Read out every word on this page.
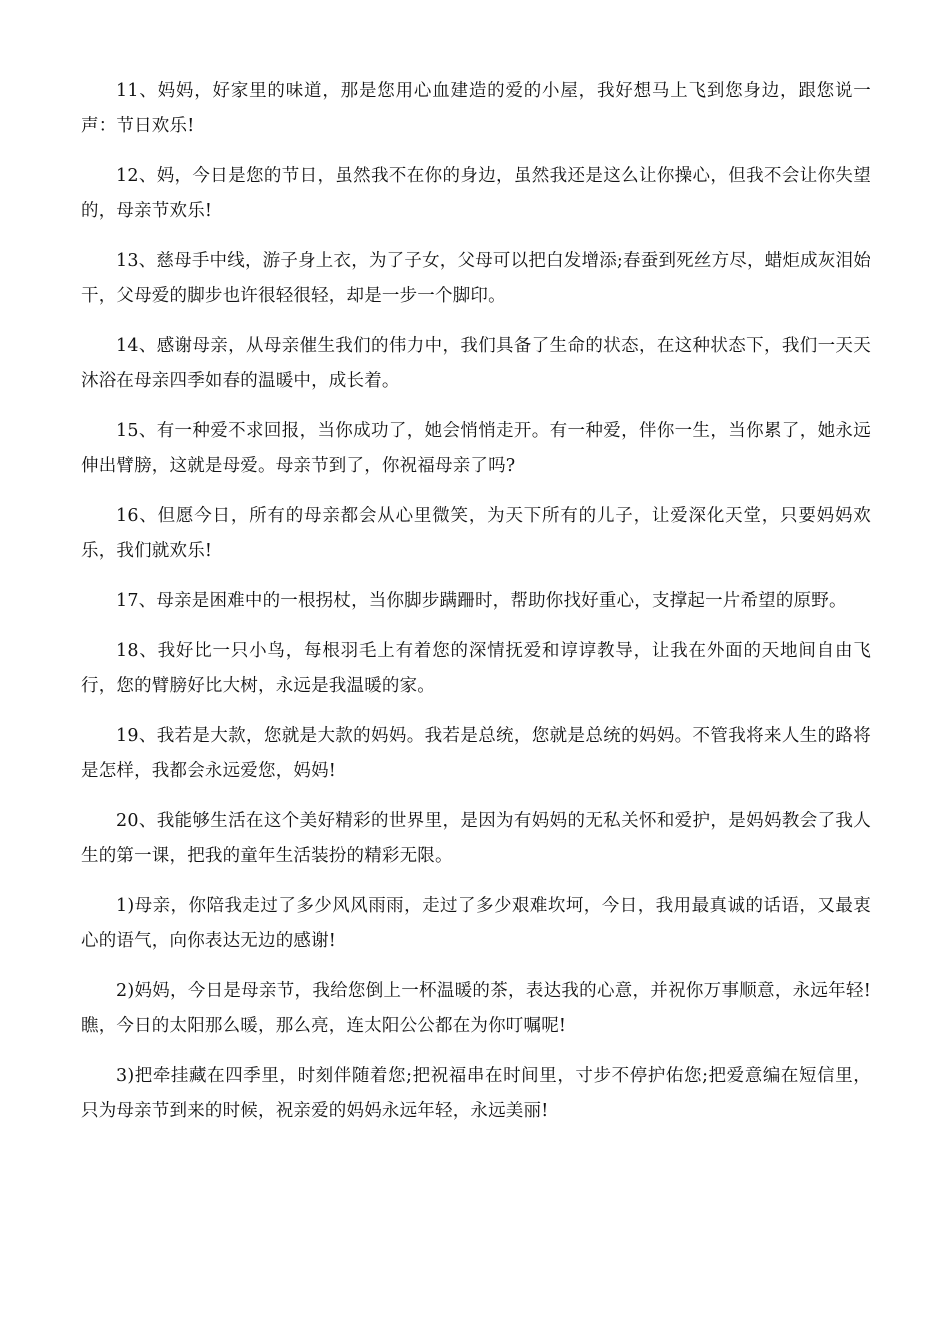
11、妈妈，好家里的味道，那是您用心血建造的爱的小屋，我好想马上飞到您身边，跟您说一声：节日欢乐!

12、妈，今日是您的节日，虽然我不在你的身边，虽然我还是这么让你操心，但我不会让你失望的，母亲节欢乐!

13、慈母手中线，游子身上衣，为了子女，父母可以把白发增添;春蚕到死丝方尽，蜡炬成灰泪始干，父母爱的脚步也许很轻很轻，却是一步一个脚印。

14、感谢母亲，从母亲催生我们的伟力中，我们具备了生命的状态，在这种状态下，我们一天天沐浴在母亲四季如春的温暖中，成长着。

15、有一种爱不求回报，当你成功了，她会悄悄走开。有一种爱，伴你一生，当你累了，她永远伸出臂膀，这就是母爱。母亲节到了，你祝福母亲了吗?

16、但愿今日，所有的母亲都会从心里微笑，为天下所有的儿子，让爱深化天堂，只要妈妈欢乐，我们就欢乐!

17、母亲是困难中的一根拐杖，当你脚步蹒跚时，帮助你找好重心，支撑起一片希望的原野。

18、我好比一只小鸟，每根羽毛上有着您的深情抚爱和谆谆教导，让我在外面的天地间自由飞行，您的臂膀好比大树，永远是我温暖的家。

19、我若是大款，您就是大款的妈妈。我若是总统，您就是总统的妈妈。不管我将来人生的路将是怎样，我都会永远爱您，妈妈!

20、我能够生活在这个美好精彩的世界里，是因为有妈妈的无私关怀和爱护，是妈妈教会了我人生的第一课，把我的童年生活装扮的精彩无限。

1)母亲，你陪我走过了多少风风雨雨，走过了多少艰难坎坷，今日，我用最真诚的话语，又最衷心的语气，向你表达无边的感谢!

2)妈妈，今日是母亲节，我给您倒上一杯温暖的茶，表达我的心意，并祝你万事顺意，永远年轻!瞧，今日的太阳那么暖，那么亮，连太阳公公都在为你叮嘱呢!

3)把牵挂藏在四季里，时刻伴随着您;把祝福串在时间里，寸步不停护佑您;把爱意编在短信里，只为母亲节到来的时候，祝亲爱的妈妈永远年轻，永远美丽!
